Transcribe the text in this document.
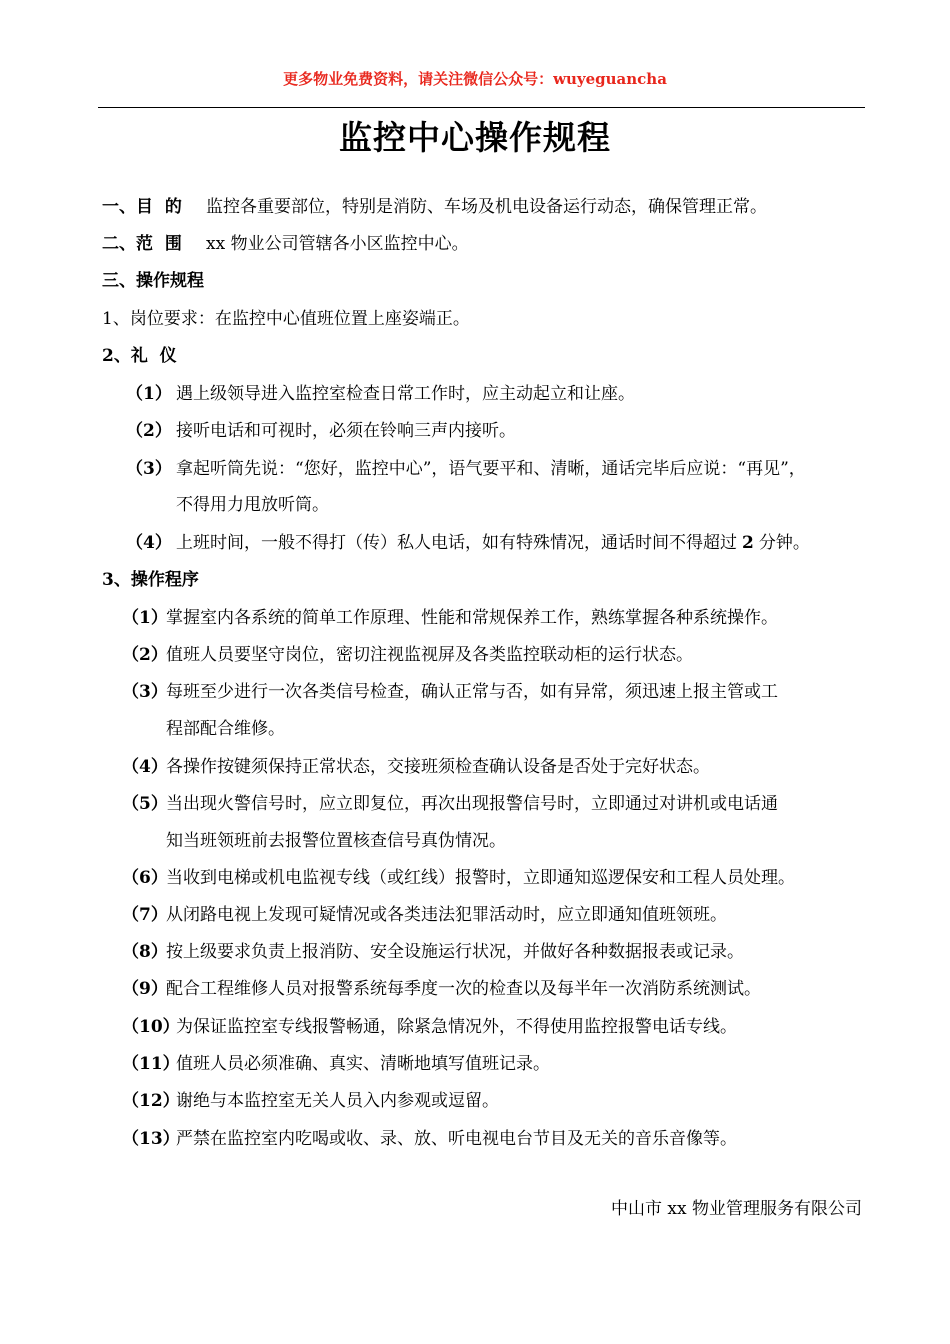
更多物业免费资料，请关注微信公众号：wuyeguancha
监控中心操作规程
一、目  的 监控各重要部位，特别是消防、车场及机电设备运行动态，确保管理正常。
二、范  围 xx 物业公司管辖各小区监控中心。
三、操作规程
1、岗位要求：在监控中心值班位置上座姿端正。
2、礼  仪
（1） 遇上级领导进入监控室检查日常工作时，应主动起立和让座。
（2） 接听电话和可视时，必须在铃响三声内接听。
（3） 拿起听筒先说：“您好，监控中心”，语气要平和、清晰，通话完毕后应说：“再见”，
不得用力甩放听筒。
（4） 上班时间，一般不得打（传）私人电话，如有特殊情况，通话时间不得超过 2 分钟。
3、操作程序
（1）掌握室内各系统的简单工作原理、性能和常规保养工作，熟练掌握各种系统操作。
（2）值班人员要坚守岗位，密切注视监视屏及各类监控联动柜的运行状态。
（3）每班至少进行一次各类信号检查，确认正常与否，如有异常，须迅速上报主管或工
程部配合维修。
（4）各操作按键须保持正常状态，交接班须检查确认设备是否处于完好状态。
（5）当出现火警信号时，应立即复位，再次出现报警信号时，立即通过对讲机或电话通
知当班领班前去报警位置核查信号真伪情况。
（6）当收到电梯或机电监视专线（或红线）报警时，立即通知巡逻保安和工程人员处理。
（7）从闭路电视上发现可疑情况或各类违法犯罪活动时，应立即通知值班领班。
（8）按上级要求负责上报消防、安全设施运行状况，并做好各种数据报表或记录。
（9）配合工程维修人员对报警系统每季度一次的检查以及每半年一次消防系统测试。
（10）为保证监控室专线报警畅通，除紧急情况外，不得使用监控报警电话专线。
（11）值班人员必须准确、真实、清晰地填写值班记录。
（12）谢绝与本监控室无关人员入内参观或逗留。
（13）严禁在监控室内吃喝或收、录、放、听电视电台节目及无关的音乐音像等。
中山市 xx 物业管理服务有限公司
